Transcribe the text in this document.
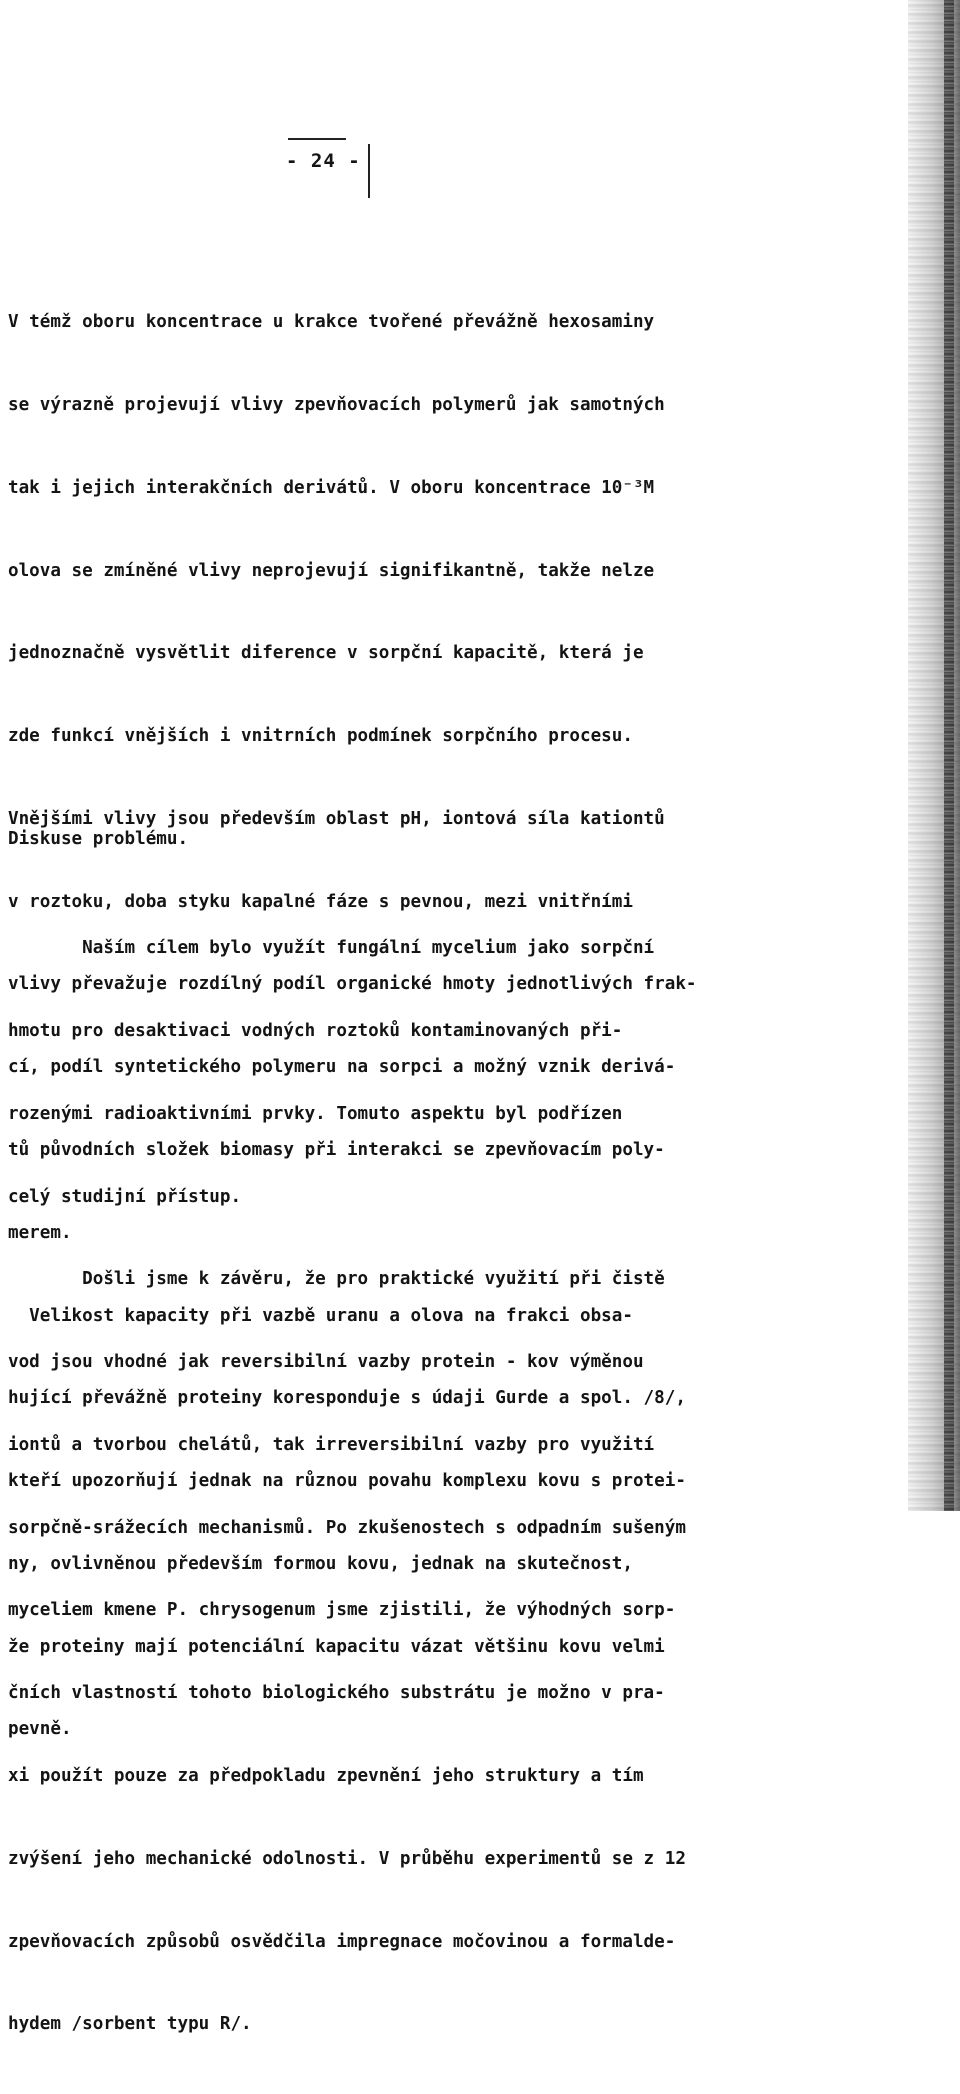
- 24 -

V témž oboru koncentrace u krakce tvořené převážně hexosaminy

se výrazně projevují vlivy zpevňovacích polymerů jak samotných

tak i jejich interakčních derivátů. V oboru koncentrace 10⁻³M

olova se zmíněné vlivy neprojevují signifikantně, takže nelze

jednoznačně vysvětlit diference v sorpční kapacitě, která je

zde funkcí vnějších i vnitrních podmínek sorpčního procesu.

Vnějšími vlivy jsou především oblast pH, iontová síla kationtů

v roztoku, doba styku kapalné fáze s pevnou, mezi vnitřními

vlivy převažuje rozdílný podíl organické hmoty jednotlivých frak-

cí, podíl syntetického polymeru na sorpci a možný vznik derivá-

tů původních složek biomasy při interakci se zpevňovacím poly-

merem.

Velikost kapacity při vazbě uranu a olova na frakci obsa-

hující převážně proteiny koresponduje s údaji Gurde a spol. /8/,

kteří upozorňují jednak na různou povahu komplexu kovu s protei-

ny, ovlivněnou především formou kovu, jednak na skutečnost,

že proteiny mají potenciální kapacitu vázat většinu kovu velmi

pevně.

Diskuse problému.

Naším cílem bylo využít fungální mycelium jako sorpční

hmotu pro desaktivaci vodných roztoků kontaminovaných při-

rozenými radioaktivními prvky. Tomuto aspektu byl podřízen

celý studijní přístup.

Došli jsme k závěru, že pro praktické využití při čistě

vod jsou vhodné jak reversibilní vazby protein - kov výměnou

iontů a tvorbou chelátů, tak irreversibilní vazby pro využití

sorpčně-srážecích mechanismů. Po zkušenostech s odpadním sušeným

myceliem kmene P. chrysogenum jsme zjistili, že výhodných sorp-

čních vlastností tohoto biologického substrátu je možno v pra-

xi použít pouze za předpokladu zpevnění jeho struktury a tím

zvýšení jeho mechanické odolnosti. V průběhu experimentů se z 12

zpevňovacích způsobů osvědčila impregnace močovinou a formalde-

hydem /sorbent typu R/.
